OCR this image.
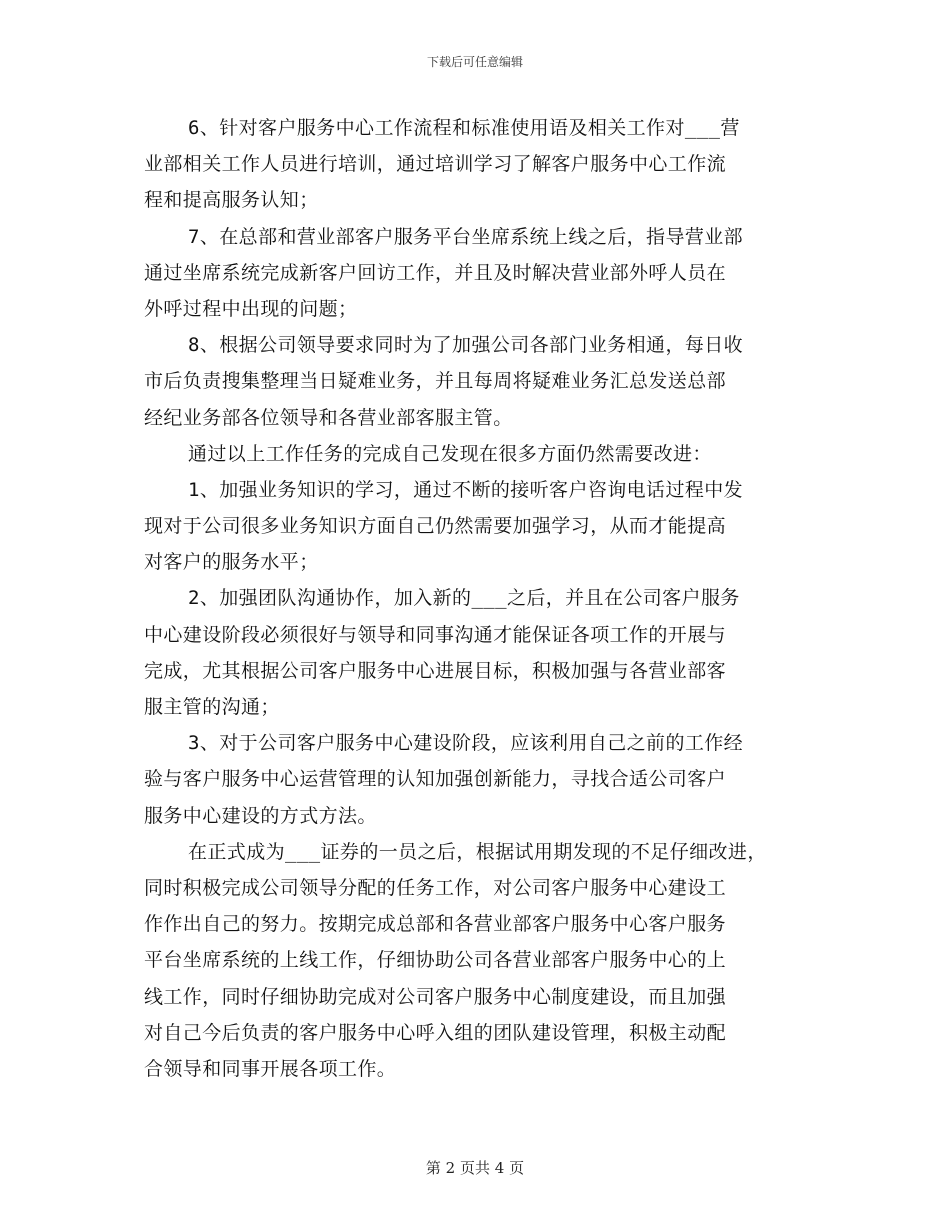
下载后可任意编辑
6、针对客户服务中心工作流程和标准使用语及相关工作对___营
业部相关工作人员进行培训，通过培训学习了解客户服务中心工作流
程和提高服务认知；
7、在总部和营业部客户服务平台坐席系统上线之后，指导营业部
通过坐席系统完成新客户回访工作，并且及时解决营业部外呼人员在
外呼过程中出现的问题；
8、根据公司领导要求同时为了加强公司各部门业务相通，每日收
市后负责搜集整理当日疑难业务，并且每周将疑难业务汇总发送总部
经纪业务部各位领导和各营业部客服主管。
通过以上工作任务的完成自己发现在很多方面仍然需要改进：
1、加强业务知识的学习，通过不断的接听客户咨询电话过程中发
现对于公司很多业务知识方面自己仍然需要加强学习，从而才能提高
对客户的服务水平；
2、加强团队沟通协作，加入新的___之后，并且在公司客户服务
中心建设阶段必须很好与领导和同事沟通才能保证各项工作的开展与
完成，尤其根据公司客户服务中心进展目标，积极加强与各营业部客
服主管的沟通；
3、对于公司客户服务中心建设阶段，应该利用自己之前的工作经
验与客户服务中心运营管理的认知加强创新能力，寻找合适公司客户
服务中心建设的方式方法。
在正式成为___证券的一员之后，根据试用期发现的不足仔细改进，
同时积极完成公司领导分配的任务工作，对公司客户服务中心建设工
作作出自己的努力。按期完成总部和各营业部客户服务中心客户服务
平台坐席系统的上线工作，仔细协助公司各营业部客户服务中心的上
线工作，同时仔细协助完成对公司客户服务中心制度建设，而且加强
对自己今后负责的客户服务中心呼入组的团队建设管理，积极主动配
合领导和同事开展各项工作。
第 2 页共 4 页
